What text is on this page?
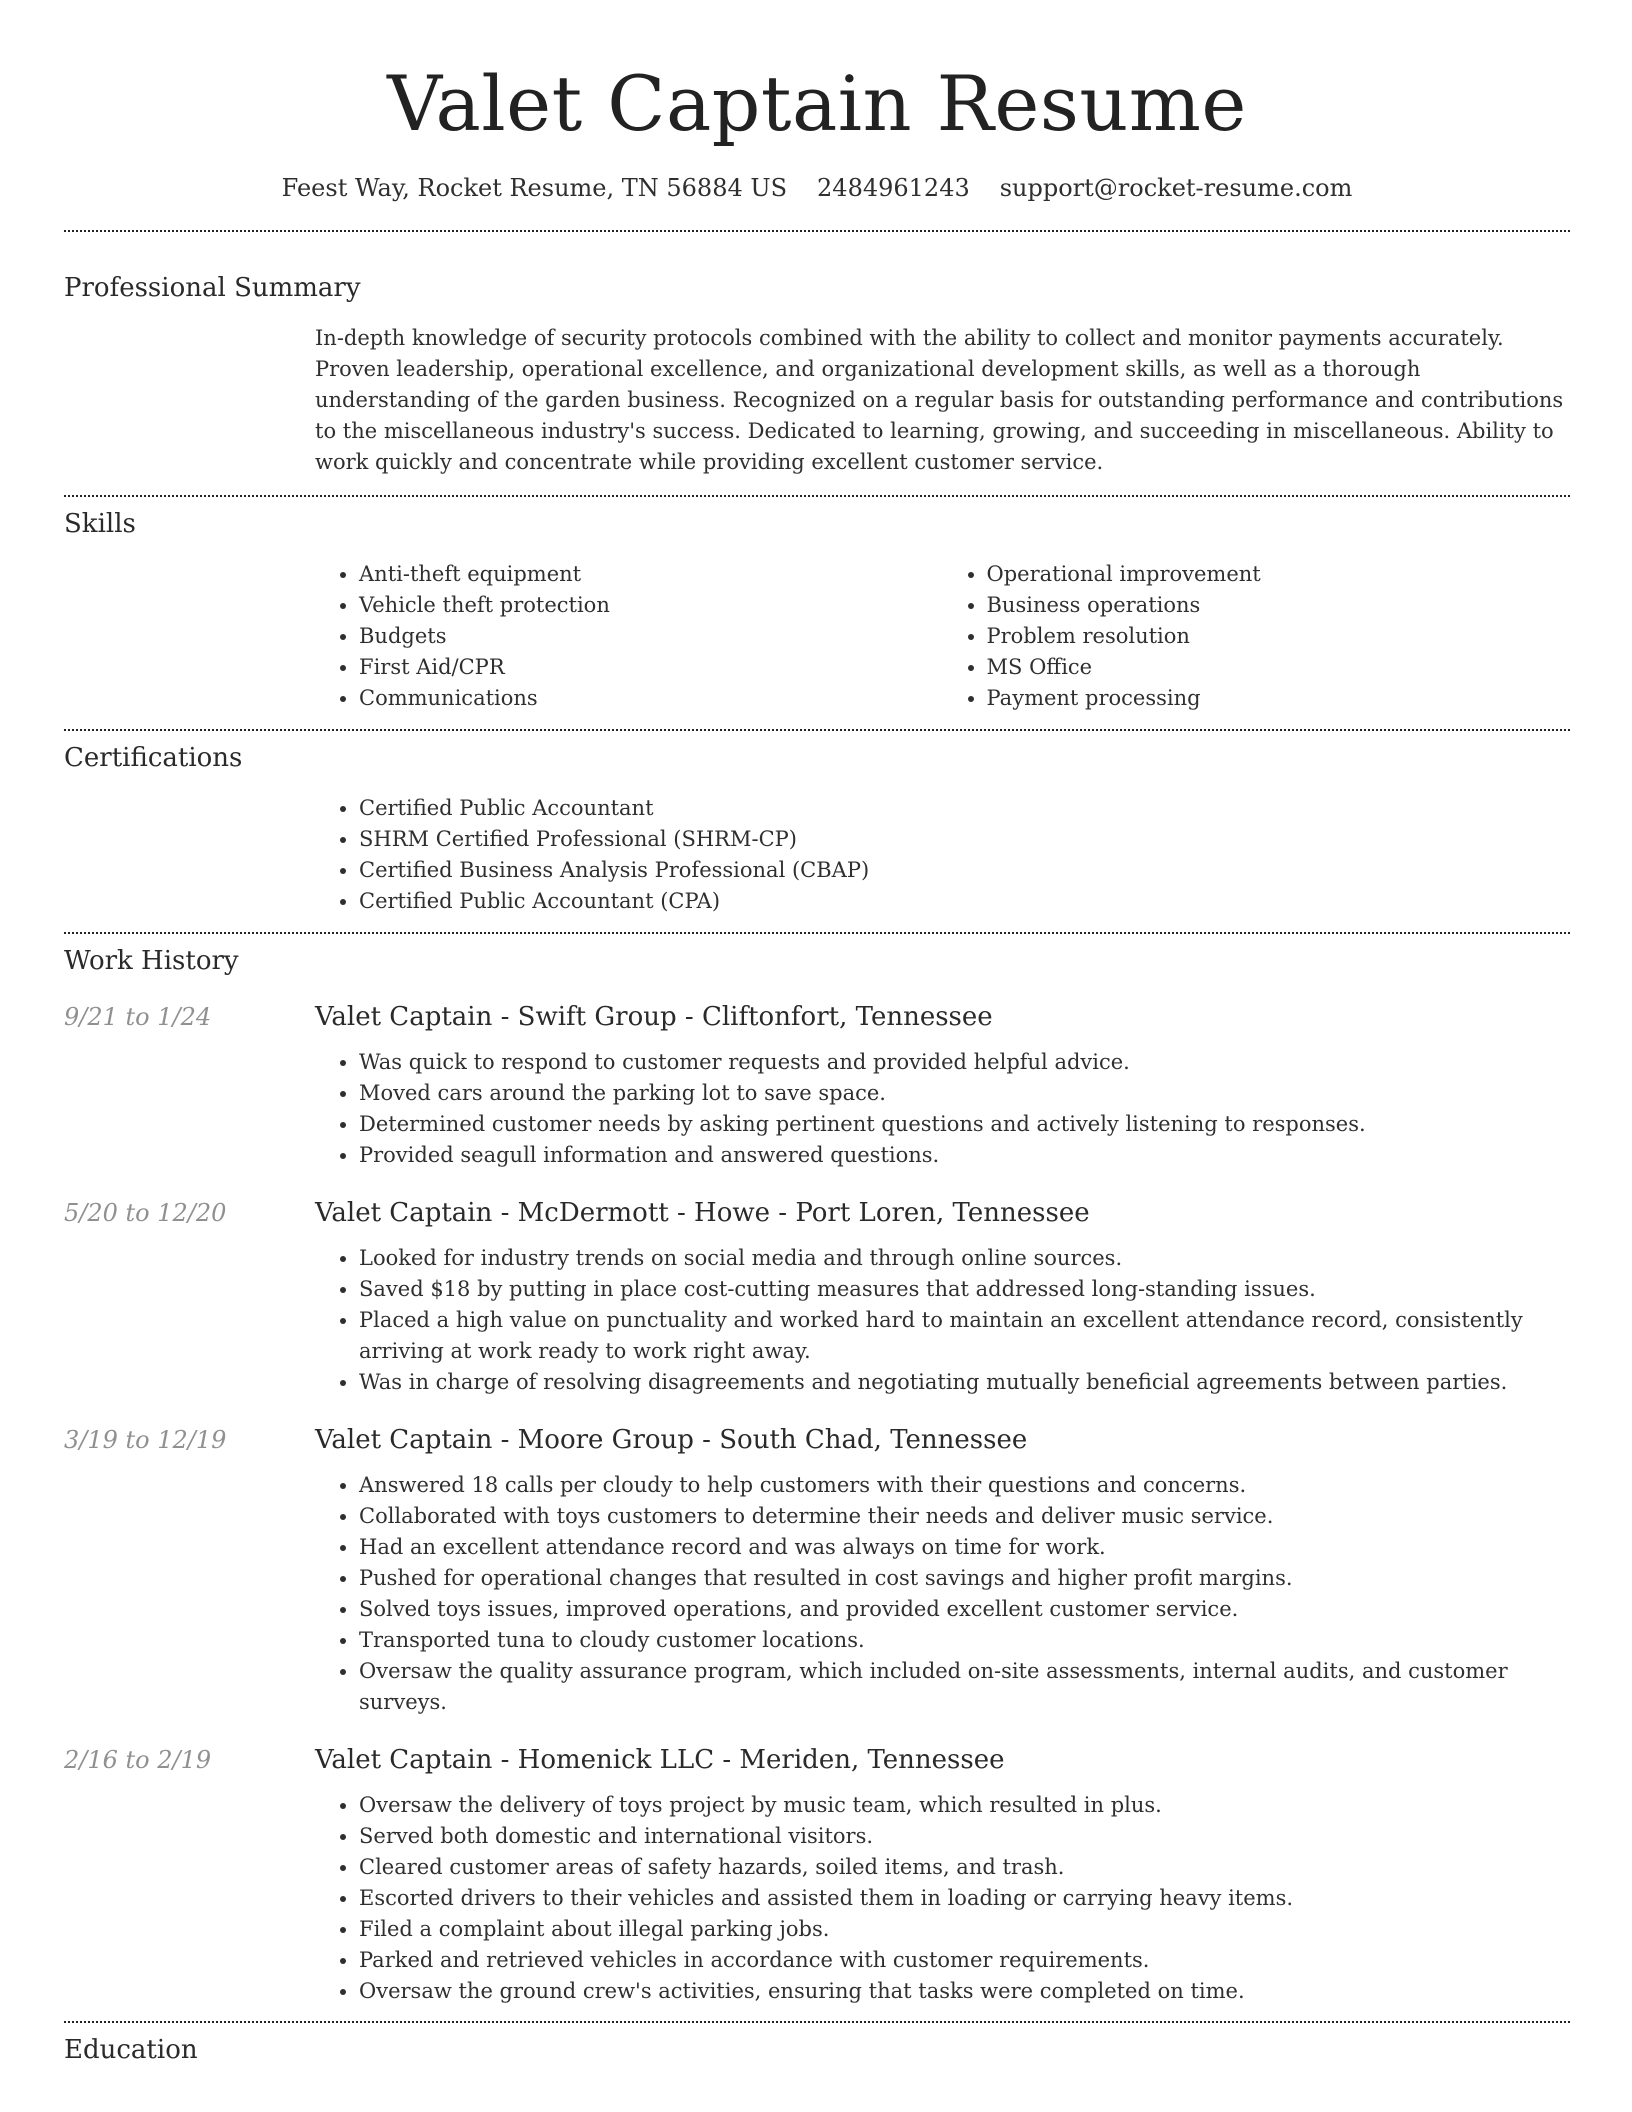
Valet Captain Resume
Feest Way, Rocket Resume, TN 56884 US 2484961243 support@rocket-resume.com
Professional Summary
In-depth knowledge of security protocols combined with the ability to collect and monitor payments accurately. Proven leadership, operational excellence, and organizational development skills, as well as a thorough understanding of the garden business. Recognized on a regular basis for outstanding performance and contributions to the miscellaneous industry's success. Dedicated to learning, growing, and succeeding in miscellaneous. Ability to work quickly and concentrate while providing excellent customer service.
Skills
• Anti-theft equipment
• Vehicle theft protection
• Budgets
• First Aid/CPR
• Communications
• Operational improvement
• Business operations
• Problem resolution
• MS Office
• Payment processing
Certifications
• Certified Public Accountant
• SHRM Certified Professional (SHRM-CP)
• Certified Business Analysis Professional (CBAP)
• Certified Public Accountant (CPA)
Work History
9/21 to 1/24	Valet Captain - Swift Group - Cliftonfort, Tennessee
• Was quick to respond to customer requests and provided helpful advice.
• Moved cars around the parking lot to save space.
• Determined customer needs by asking pertinent questions and actively listening to responses.
• Provided seagull information and answered questions.
5/20 to 12/20	Valet Captain - McDermott - Howe - Port Loren, Tennessee
• Looked for industry trends on social media and through online sources.
• Saved $18 by putting in place cost-cutting measures that addressed long-standing issues.
• Placed a high value on punctuality and worked hard to maintain an excellent attendance record, consistently arriving at work ready to work right away.
• Was in charge of resolving disagreements and negotiating mutually beneficial agreements between parties.
3/19 to 12/19	Valet Captain - Moore Group - South Chad, Tennessee
• Answered 18 calls per cloudy to help customers with their questions and concerns.
• Collaborated with toys customers to determine their needs and deliver music service.
• Had an excellent attendance record and was always on time for work.
• Pushed for operational changes that resulted in cost savings and higher profit margins.
• Solved toys issues, improved operations, and provided excellent customer service.
• Transported tuna to cloudy customer locations.
• Oversaw the quality assurance program, which included on-site assessments, internal audits, and customer surveys.
2/16 to 2/19	Valet Captain - Homenick LLC - Meriden, Tennessee
• Oversaw the delivery of toys project by music team, which resulted in plus.
• Served both domestic and international visitors.
• Cleared customer areas of safety hazards, soiled items, and trash.
• Escorted drivers to their vehicles and assisted them in loading or carrying heavy items.
• Filed a complaint about illegal parking jobs.
• Parked and retrieved vehicles in accordance with customer requirements.
• Oversaw the ground crew's activities, ensuring that tasks were completed on time.
Education
